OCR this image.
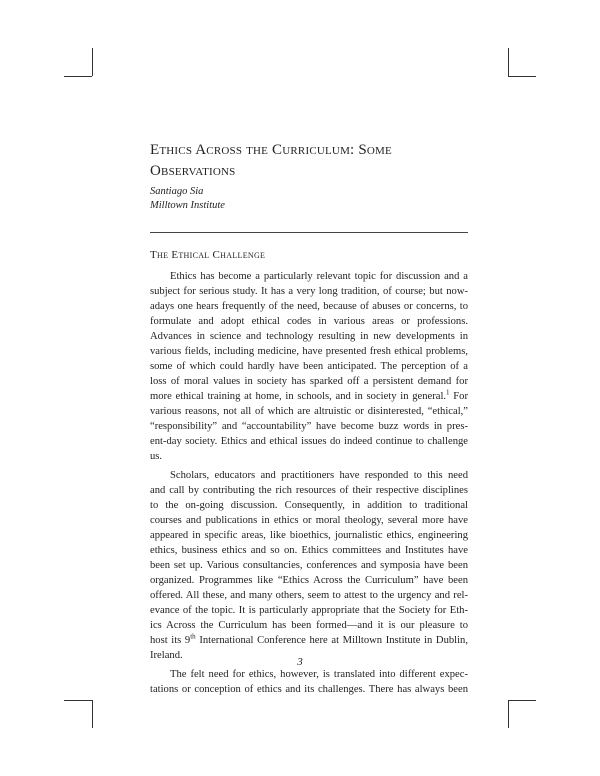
Ethics Across the Curriculum: Some
Observations
Santiago Sia
Milltown Institute
The Ethical Challenge
Ethics has become a particularly relevant topic for discussion and a
subject for serious study. It has a very long tradition, of course; but now-
adays one hears frequently of the need, because of abuses or concerns, to
formulate and adopt ethical codes in various areas or professions.
Advances in science and technology resulting in new developments in
various fields, including medicine, have presented fresh ethical problems,
some of which could hardly have been anticipated. The perception of a
loss of moral values in society has sparked off a persistent demand for
more ethical training at home, in schools, and in society in general.$^1$ For
various reasons, not all of which are altruistic or disinterested, “ethical,”
“responsibility” and “accountability” have become buzz words in pres-
ent-day society. Ethics and ethical issues do indeed continue to challenge
us.
Scholars, educators and practitioners have responded to this need
and call by contributing the rich resources of their respective disciplines
to the on-going discussion. Consequently, in addition to traditional
courses and publications in ethics or moral theology, several more have
appeared in specific areas, like bioethics, journalistic ethics, engineering
ethics, business ethics and so on. Ethics committees and Institutes have
been set up. Various consultancies, conferences and symposia have been
organized. Programmes like “Ethics Across the Curriculum” have been
offered. All these, and many others, seem to attest to the urgency and rel-
evance of the topic. It is particularly appropriate that the Society for Eth-
ics Across the Curriculum has been formed—and it is our pleasure to
host its 9th International Conference here at Milltown Institute in Dublin,
Ireland.
The felt need for ethics, however, is translated into different expec-
tations or conception of ethics and its challenges. There has always been
3
